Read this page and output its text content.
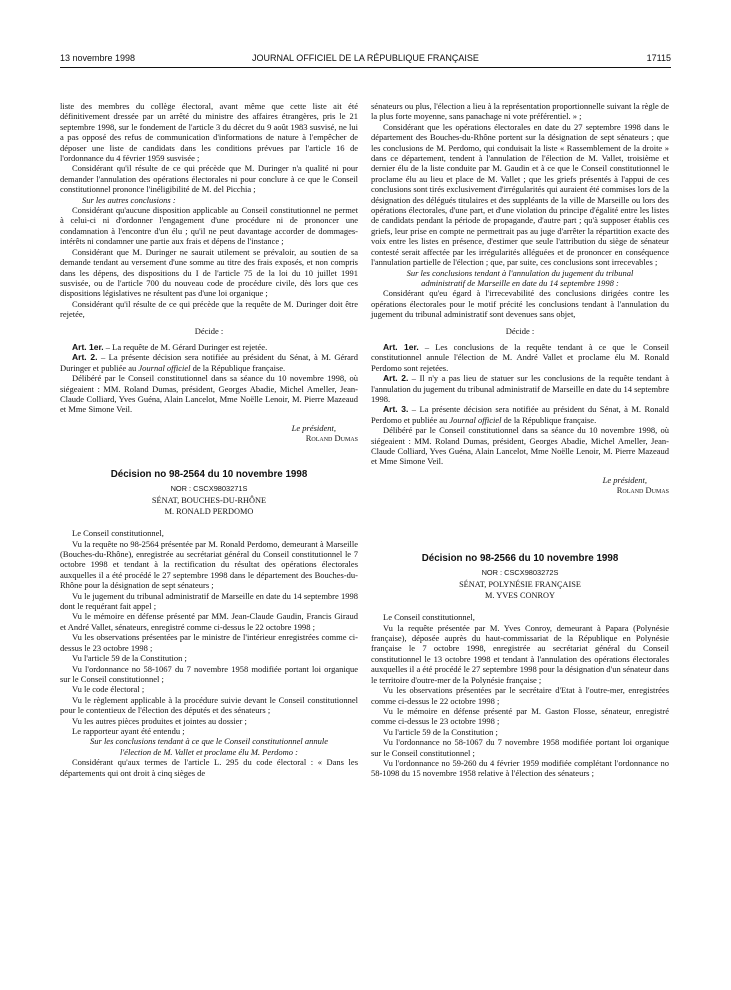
13 novembre 1998	JOURNAL OFFICIEL DE LA RÉPUBLIQUE FRANÇAISE	17115

liste des membres du collège électoral, avant même que cette liste ait été définitivement dressée par un arrêté du ministre des affaires étrangères, pris le 21 septembre 1998, sur le fondement de l'article 3 du décret du 9 août 1983 susvisé, ne lui a pas opposé des refus de communication d'informations de nature à l'empêcher de déposer une liste de candidats dans les conditions prévues par l'article 16 de l'ordonnance du 4 février 1959 susvisée ;

Considérant qu'il résulte de ce qui précède que M. Duringer n'a qualité ni pour demander l'annulation des opérations électorales ni pour conclure à ce que le Conseil constitutionnel prononce l'inéligibilité de M. del Picchia ;

Sur les autres conclusions :

Considérant qu'aucune disposition applicable au Conseil constitutionnel ne permet à celui-ci ni d'ordonner l'engagement d'une procédure ni de prononcer une condamnation à l'encontre d'un élu ; qu'il ne peut davantage accorder de dommages-intérêts ni condamner une partie aux frais et dépens de l'instance ;

Considérant que M. Duringer ne saurait utilement se prévaloir, au soutien de sa demande tendant au versement d'une somme au titre des frais exposés, et non compris dans les dépens, des dispositions du I de l'article 75 de la loi du 10 juillet 1991 susvisée, ou de l'article 700 du nouveau code de procédure civile, dès lors que ces dispositions législatives ne résultent pas d'une loi organique ;

Considérant qu'il résulte de ce qui précède que la requête de M. Duringer doit être rejetée,

Décide :

Art. 1er. – La requête de M. Gérard Duringer est rejetée.

Art. 2. – La présente décision sera notifiée au président du Sénat, à M. Gérard Duringer et publiée au Journal officiel de la République française.

Délibéré par le Conseil constitutionnel dans sa séance du 10 novembre 1998, où siégeaient : MM. Roland Dumas, président, Georges Abadie, Michel Ameller, Jean-Claude Colliard, Yves Guéna, Alain Lancelot, Mme Noëlle Lenoir, M. Pierre Mazeaud et Mme Simone Veil.

Le président,

Roland Dumas

Décision no 98-2564 du 10 novembre 1998

NOR : CSCX9803271S

SÉNAT, BOUCHES-DU-RHÔNE

M. RONALD PERDOMO

Le Conseil constitutionnel,

Vu la requête no 98-2564 présentée par M. Ronald Perdomo, demeurant à Marseille (Bouches-du-Rhône), enregistrée au secrétariat général du Conseil constitutionnel le 7 octobre 1998 et tendant à la rectification du résultat des opérations électorales auxquelles il a été procédé le 27 septembre 1998 dans le département des Bouches-du-Rhône pour la désignation de sept sénateurs ;

Vu le jugement du tribunal administratif de Marseille en date du 14 septembre 1998 dont le requérant fait appel ;

Vu le mémoire en défense présenté par MM. Jean-Claude Gaudin, Francis Giraud et André Vallet, sénateurs, enregistré comme ci-dessus le 22 octobre 1998 ;

Vu les observations présentées par le ministre de l'intérieur enregistrées comme ci-dessus le 23 octobre 1998 ;

Vu l'article 59 de la Constitution ;

Vu l'ordonnance no 58-1067 du 7 novembre 1958 modifiée portant loi organique sur le Conseil constitutionnel ;

Vu le code électoral ;

Vu le règlement applicable à la procédure suivie devant le Conseil constitutionnel pour le contentieux de l'élection des députés et des sénateurs ;

Vu les autres pièces produites et jointes au dossier ;

Le rapporteur ayant été entendu ;

Sur les conclusions tendant à ce que le Conseil constitutionnel annule l'élection de M. Vallet et proclame élu M. Perdomo :

Considérant qu'aux termes de l'article L. 295 du code électoral : « Dans les départements qui ont droit à cinq sièges de

sénateurs ou plus, l'élection a lieu à la représentation proportionnelle suivant la règle de la plus forte moyenne, sans panachage ni vote préférentiel. » ;

Considérant que les opérations électorales en date du 27 septembre 1998 dans le département des Bouches-du-Rhône portent sur la désignation de sept sénateurs ; que les conclusions de M. Perdomo, qui conduisait la liste « Rassemblement de la droite » dans ce département, tendent à l'annulation de l'élection de M. Vallet, troisième et dernier élu de la liste conduite par M. Gaudin et à ce que le Conseil constitutionnel le proclame élu au lieu et place de M. Vallet ; que les griefs présentés à l'appui de ces conclusions sont tirés exclusivement d'irrégularités qui auraient été commises lors de la désignation des délégués titulaires et des suppléants de la ville de Marseille ou lors des opérations électorales, d'une part, et d'une violation du principe d'égalité entre les listes de candidats pendant la période de propagande, d'autre part ; qu'à supposer établis ces griefs, leur prise en compte ne permettrait pas au juge d'arrêter la répartition exacte des voix entre les listes en présence, d'estimer que seule l'attribution du siège de sénateur contesté serait affectée par les irrégularités alléguées et de prononcer en conséquence l'annulation partielle de l'élection ; que, par suite, ces conclusions sont irrecevables ;

Sur les conclusions tendant à l'annulation du jugement du tribunal administratif de Marseille en date du 14 septembre 1998 :

Considérant qu'eu égard à l'irrecevabilité des conclusions dirigées contre les opérations électorales pour le motif précité les conclusions tendant à l'annulation du jugement du tribunal administratif sont devenues sans objet,

Décide :

Art. 1er. – Les conclusions de la requête tendant à ce que le Conseil constitutionnel annule l'élection de M. André Vallet et proclame élu M. Ronald Perdomo sont rejetées.

Art. 2. – Il n'y a pas lieu de statuer sur les conclusions de la requête tendant à l'annulation du jugement du tribunal administratif de Marseille en date du 14 septembre 1998.

Art. 3. – La présente décision sera notifiée au président du Sénat, à M. Ronald Perdomo et publiée au Journal officiel de la République française.

Délibéré par le Conseil constitutionnel dans sa séance du 10 novembre 1998, où siégeaient : MM. Roland Dumas, président, Georges Abadie, Michel Ameller, Jean-Claude Colliard, Yves Guéna, Alain Lancelot, Mme Noëlle Lenoir, M. Pierre Mazeaud et Mme Simone Veil.

Le président,

Roland Dumas

Décision no 98-2566 du 10 novembre 1998

NOR : CSCX9803272S

SÉNAT, POLYNÉSIE FRANÇAISE

M. YVES CONROY

Le Conseil constitutionnel,

Vu la requête présentée par M. Yves Conroy, demeurant à Papara (Polynésie française), déposée auprès du haut-commissariat de la République en Polynésie française le 7 octobre 1998, enregistrée au secrétariat général du Conseil constitutionnel le 13 octobre 1998 et tendant à l'annulation des opérations électorales auxquelles il a été procédé le 27 septembre 1998 pour la désignation d'un sénateur dans le territoire d'outre-mer de la Polynésie française ;

Vu les observations présentées par le secrétaire d'Etat à l'outre-mer, enregistrées comme ci-dessus le 22 octobre 1998 ;

Vu le mémoire en défense présenté par M. Gaston Flosse, sénateur, enregistré comme ci-dessus le 23 octobre 1998 ;

Vu l'article 59 de la Constitution ;

Vu l'ordonnance no 58-1067 du 7 novembre 1958 modifiée portant loi organique sur le Conseil constitutionnel ;

Vu l'ordonnance no 59-260 du 4 février 1959 modifiée complétant l'ordonnance no 58-1098 du 15 novembre 1958 relative à l'élection des sénateurs ;
